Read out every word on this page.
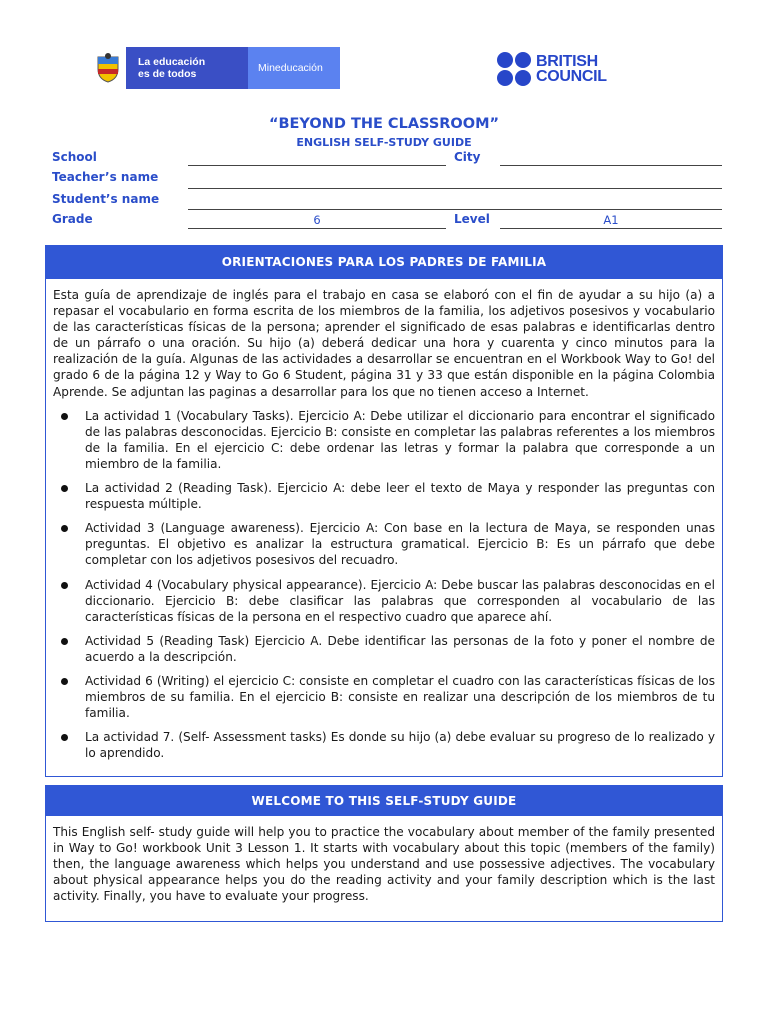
La educación
es de todos	Mineducación	BRITISH
COUNCIL
“BEYOND THE CLASSROOM”
ENGLISH SELF-STUDY GUIDE
School	City
Teacher’s name
Student’s name
Grade	6	Level	A1
ORIENTACIONES PARA LOS PADRES DE FAMILIA

Esta guía de aprendizaje de inglés para el trabajo en casa se elaboró con el fin de ayudar a su hijo (a) a repasar el vocabulario en forma escrita de los miembros de la familia, los adjetivos posesivos y vocabulario de las características físicas de la persona; aprender el significado de esas palabras e identificarlas dentro de un párrafo o una oración. Su hijo (a) deberá dedicar una hora y cuarenta y cinco minutos para la realización de la guía. Algunas de las actividades a desarrollar se encuentran en el Workbook Way to Go! del grado 6 de la página 12 y Way to Go 6 Student, página 31 y 33 que están disponible en la página Colombia Aprende. Se adjuntan las paginas a desarrollar para los que no tienen acceso a Internet.

La actividad 1 (Vocabulary Tasks). Ejercicio A: Debe utilizar el diccionario para encontrar el significado de las palabras desconocidas. Ejercicio B: consiste en completar las palabras referentes a los miembros de la familia. En el ejercicio C: debe ordenar las letras y formar la palabra que corresponde a un miembro de la familia.
La actividad 2 (Reading Task). Ejercicio A: debe leer el texto de Maya y responder las preguntas con respuesta múltiple.
Actividad 3 (Language awareness). Ejercicio A: Con base en la lectura de Maya, se responden unas preguntas. El objetivo es analizar la estructura gramatical. Ejercicio B: Es un párrafo que debe completar con los adjetivos posesivos del recuadro.
Actividad 4 (Vocabulary physical appearance). Ejercicio A: Debe buscar las palabras desconocidas en el diccionario. Ejercicio B: debe clasificar las palabras que corresponden al vocabulario de las características físicas de la persona en el respectivo cuadro que aparece ahí.
Actividad 5 (Reading Task) Ejercicio A. Debe identificar las personas de la foto y poner el nombre de acuerdo a la descripción.
Actividad 6 (Writing) el ejercicio C: consiste en completar el cuadro con las características físicas de los miembros de su familia. En el ejercicio B: consiste en realizar una descripción de los miembros de tu familia.
La actividad 7. (Self- Assessment tasks) Es donde su hijo (a) debe evaluar su progreso de lo realizado y lo aprendido.
WELCOME TO THIS SELF-STUDY GUIDE

This English self- study guide will help you to practice the vocabulary about member of the family presented in Way to Go! workbook Unit 3 Lesson 1. It starts with vocabulary about this topic (members of the family) then, the language awareness which helps you understand and use possessive adjectives. The vocabulary about physical appearance helps you do the reading activity and your family description which is the last activity. Finally, you have to evaluate your progress.
